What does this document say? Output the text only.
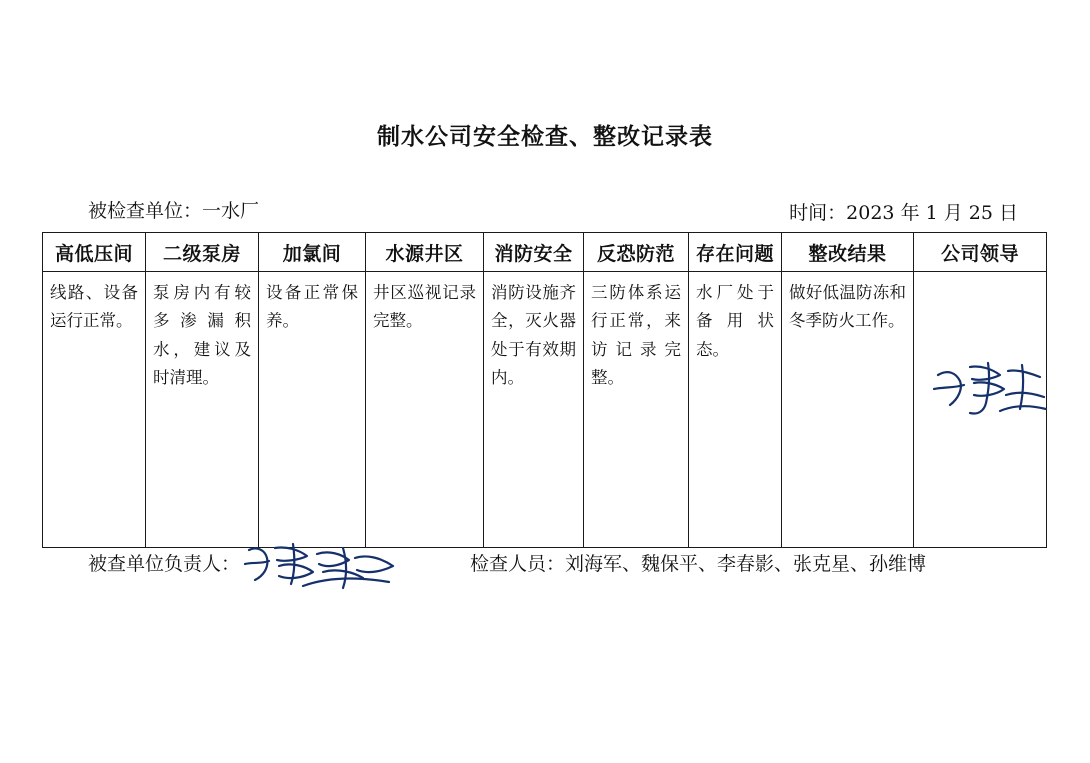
制水公司安全检查、整改记录表
被检查单位：一水厂	时间：2023 年 1 月 25 日
高低压间	二级泵房	加氯间	水源井区	消防安全	反恐防范	存在问题	整改结果	公司领导

线路、设备运行正常。	泵房内有较多渗漏积水，建议及时清理。	设备正常保养。	井区巡视记录完整。	消防设施齐全，灭火器处于有效期内。	三防体系运行正常，来访记录完整。	水厂处于备用状态。	做好低温防冻和冬季防火工作。	

被查单位负责人：	检查人员：刘海军、魏保平、李春影、张克星、孙维博
